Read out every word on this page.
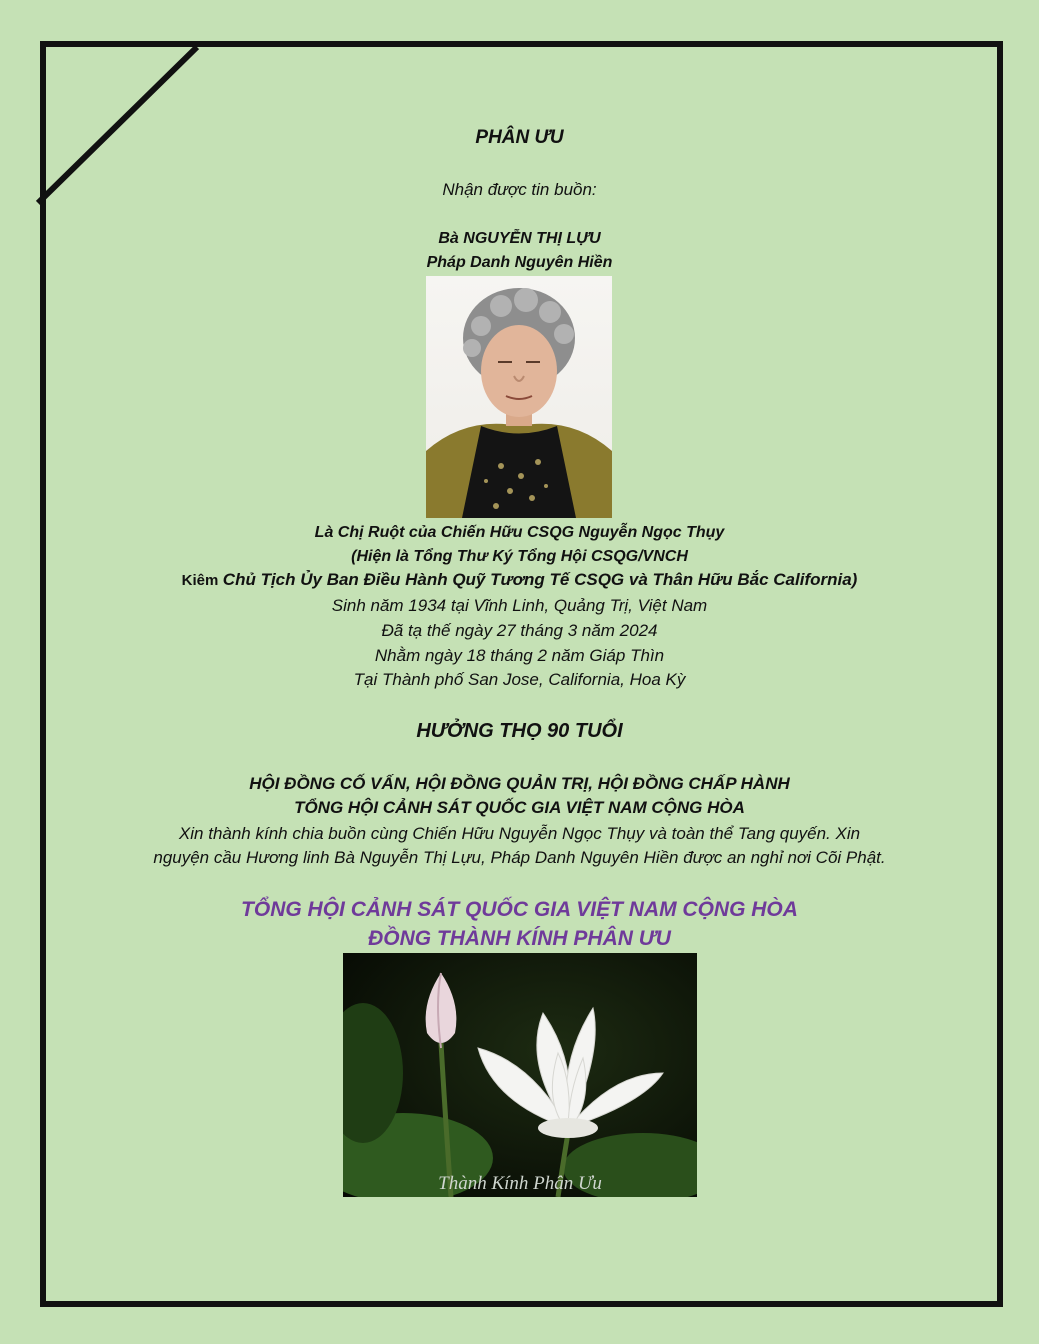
PHÂN ƯU
Nhận được tin buồn:
Bà NGUYỄN THỊ LỰU
Pháp Danh Nguyên Hiền
Là Chị Ruột của Chiến Hữu CSQG Nguyễn Ngọc Thụy
(Hiện là Tổng Thư Ký Tổng Hội CSQG/VNCH
Kiêm Chủ Tịch Ủy Ban Điều Hành Quỹ Tương Tế CSQG và Thân Hữu Bắc California)
Sinh năm 1934 tại Vĩnh Linh, Quảng Trị, Việt Nam
Đã tạ thế ngày 27 tháng 3 năm 2024
Nhằm ngày 18 tháng 2 năm Giáp Thìn
Tại Thành phố San Jose, California, Hoa Kỳ
HƯỞNG THỌ 90 TUỔI
HỘI ĐỒNG CỐ VẤN, HỘI ĐỒNG QUẢN TRỊ, HỘI ĐỒNG CHẤP HÀNH
TỔNG HỘI CẢNH SÁT QUỐC GIA VIỆT NAM CỘNG HÒA
Xin thành kính chia buồn cùng Chiến Hữu Nguyễn Ngọc Thụy và toàn thể Tang quyến. Xin
nguyện cầu Hương linh Bà Nguyễn Thị Lựu, Pháp Danh Nguyên Hiền được an nghỉ nơi Cõi Phật.
TỔNG HỘI CẢNH SÁT QUỐC GIA VIỆT NAM CỘNG HÒA
ĐỒNG THÀNH KÍNH PHÂN ƯU
Thành Kính Phân Ưu
